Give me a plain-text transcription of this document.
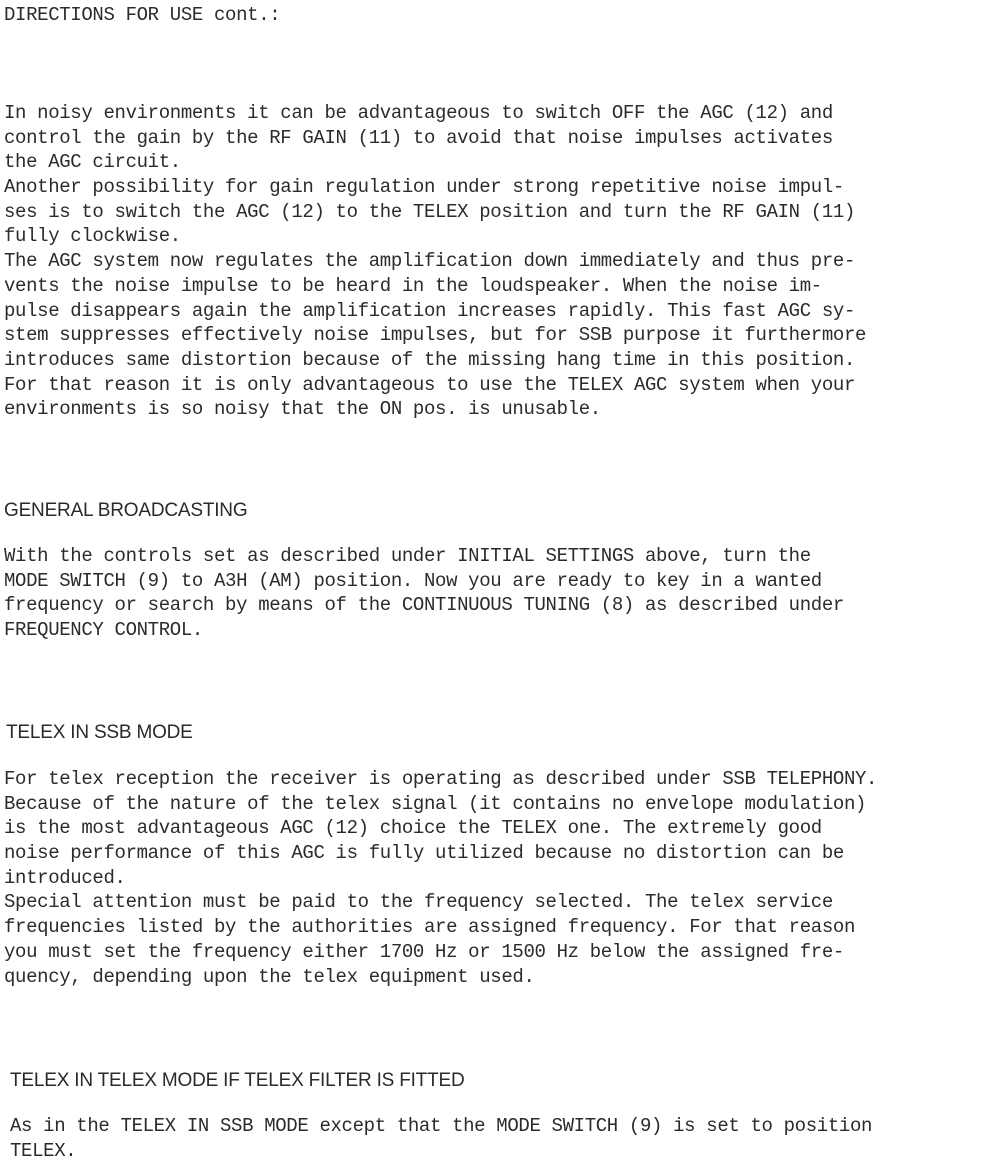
DIRECTIONS FOR USE cont.:
In noisy environments it can be advantageous to switch OFF the AGC (12) and
control the gain by the RF GAIN (11) to avoid that noise impulses activates
the AGC circuit.
Another possibility for gain regulation under strong repetitive noise impul-
ses is to switch the AGC (12) to the TELEX position and turn the RF GAIN (11)
fully clockwise.
The AGC system now regulates the amplification down immediately and thus pre-
vents the noise impulse to be heard in the loudspeaker. When the noise im-
pulse disappears again the amplification increases rapidly. This fast AGC sy-
stem suppresses effectively noise impulses, but for SSB purpose it furthermore
introduces same distortion because of the missing hang time in this position.
For that reason it is only advantageous to use the TELEX AGC system when your
environments is so noisy that the ON pos. is unusable.
GENERAL BROADCASTING
With the controls set as described under INITIAL SETTINGS above, turn the
MODE SWITCH (9) to A3H (AM) position. Now you are ready to key in a wanted
frequency or search by means of the CONTINUOUS TUNING (8) as described under
FREQUENCY CONTROL.
TELEX IN SSB MODE
For telex reception the receiver is operating as described under SSB TELEPHONY.
Because of the nature of the telex signal (it contains no envelope modulation)
is the most advantageous AGC (12) choice the TELEX one. The extremely good
noise performance of this AGC is fully utilized because no distortion can be
introduced.
Special attention must be paid to the frequency selected. The telex service
frequencies listed by the authorities are assigned frequency. For that reason
you must set the frequency either 1700 Hz or 1500 Hz below the assigned fre-
quency, depending upon the telex equipment used.
TELEX IN TELEX MODE IF TELEX FILTER IS FITTED
As in the TELEX IN SSB MODE except that the MODE SWITCH (9) is set to position
TELEX.
